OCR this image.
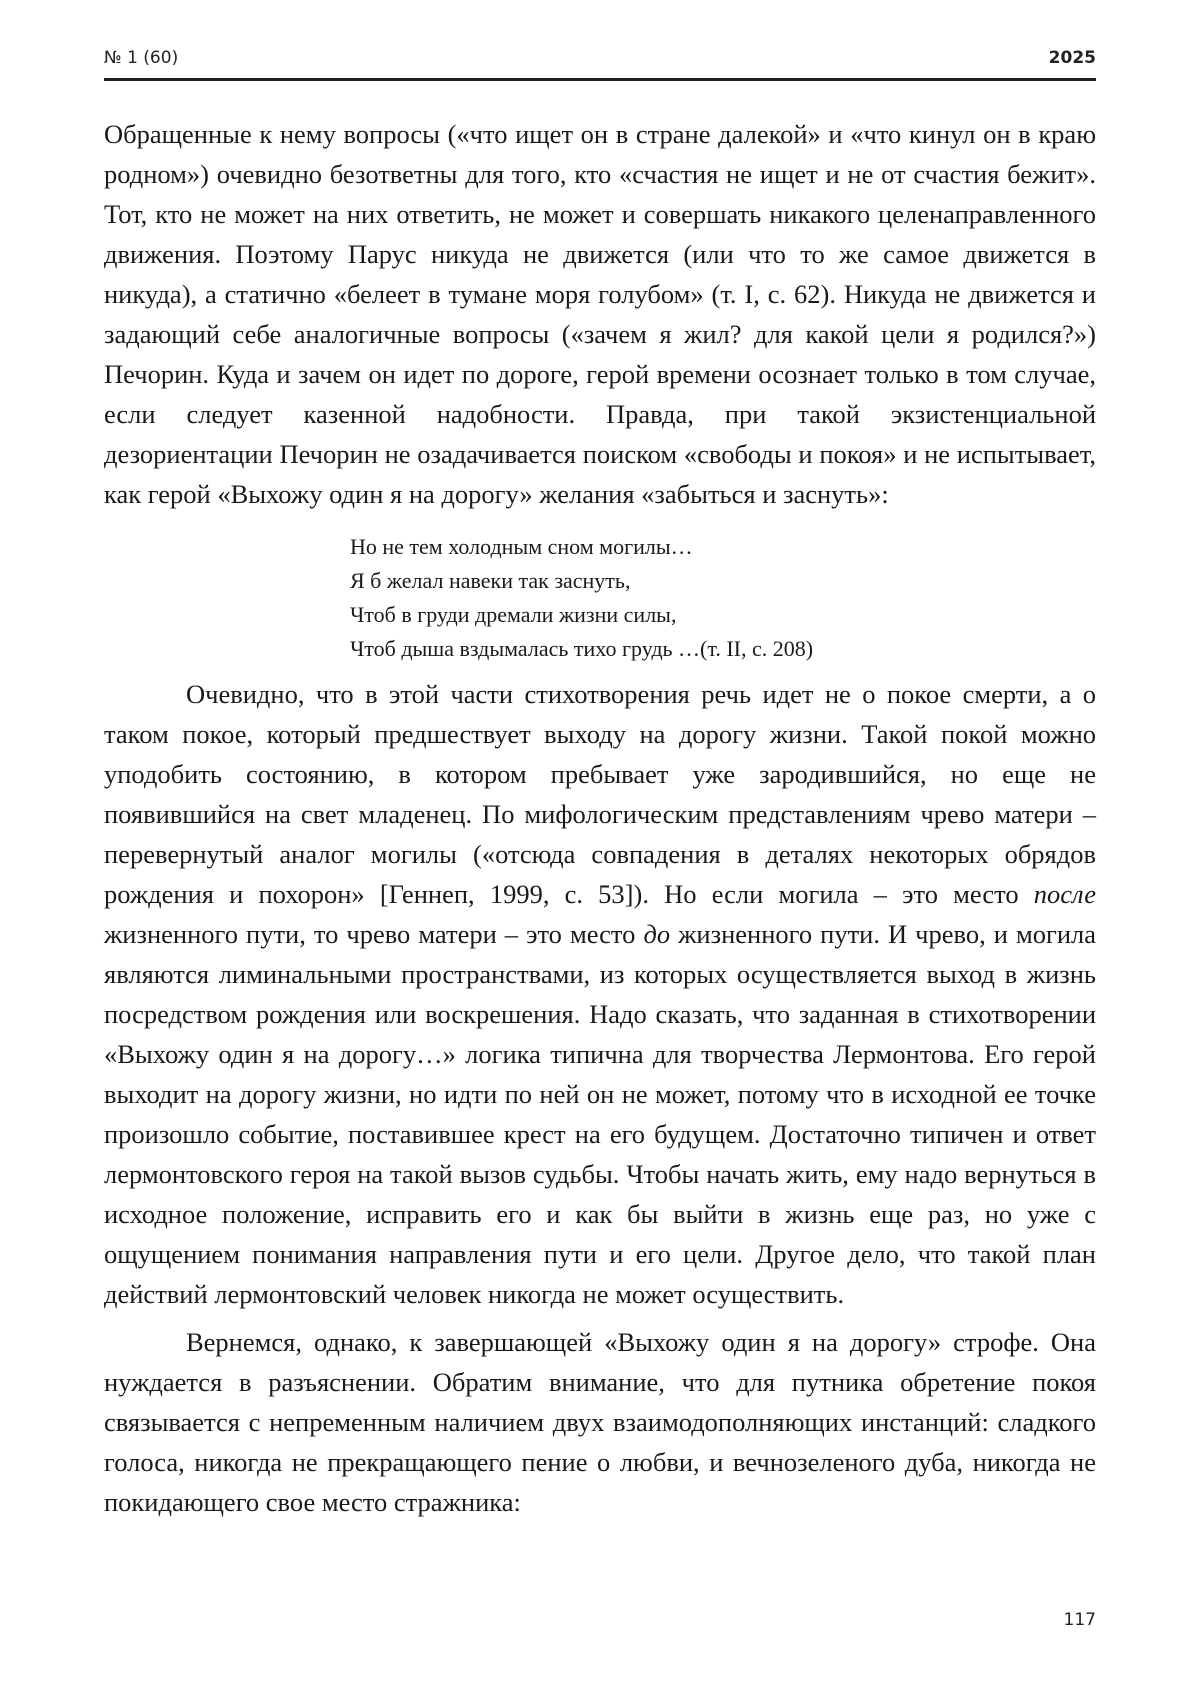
№ 1 (60)	2025

Обращенные к нему вопросы («что ищет он в стране далекой» и «что кинул он в краю родном») очевидно безответны для того, кто «счастия не ищет и не от счастия бежит». Тот, кто не может на них ответить, не может и совершать никакого целенаправленного движения. Поэтому Парус никуда не движется (или что то же самое движется в никуда), а статично «белеет в тумане моря голубом» (т. I, с. 62). Никуда не движется и задающий себе аналогичные вопросы («зачем я жил? для какой цели я родился?») Печорин. Куда и зачем он идет по дороге, герой времени осознает только в том случае, если следует казенной надобности. Правда, при такой экзистенциальной дезориентации Печорин не озадачивается поиском «свободы и покоя» и не испытывает, как герой «Выхожу один я на дорогу» желания «забыться и заснуть»:

Но не тем холодным сном могилы…
Я б желал навеки так заснуть,
Чтоб в груди дремали жизни силы,
Чтоб дыша вздымалась тихо грудь …(т. II, с. 208)

Очевидно, что в этой части стихотворения речь идет не о покое смерти, а о таком покое, который предшествует выходу на дорогу жизни. Такой покой можно уподобить состоянию, в котором пребывает уже зародившийся, но еще не появившийся на свет младенец. По мифологическим представлениям чрево матери – перевернутый аналог могилы («отсюда совпадения в деталях некоторых обрядов рождения и похорон» [Геннеп, 1999, с. 53]). Но если могила – это место после жизненного пути, то чрево матери – это место до жизненного пути. И чрево, и могила являются лиминальными пространствами, из которых осуществляется выход в жизнь посредством рождения или воскрешения. Надо сказать, что заданная в стихотворении «Выхожу один я на дорогу…» логика типична для творчества Лермонтова. Его герой выходит на дорогу жизни, но идти по ней он не может, потому что в исходной ее точке произошло событие, поставившее крест на его будущем. Достаточно типичен и ответ лермонтовского героя на такой вызов судьбы. Чтобы начать жить, ему надо вернуться в исходное положение, исправить его и как бы выйти в жизнь еще раз, но уже с ощущением понимания направления пути и его цели. Другое дело, что такой план действий лермонтовский человек никогда не может осуществить.

Вернемся, однако, к завершающей «Выхожу один я на дорогу» строфе. Она нуждается в разъяснении. Обратим внимание, что для путника обретение покоя связывается с непременным наличием двух взаимодополняющих инстанций: сладкого голоса, никогда не прекращающего пение о любви, и вечнозеленого дуба, никогда не покидающего свое место стражника:

117
